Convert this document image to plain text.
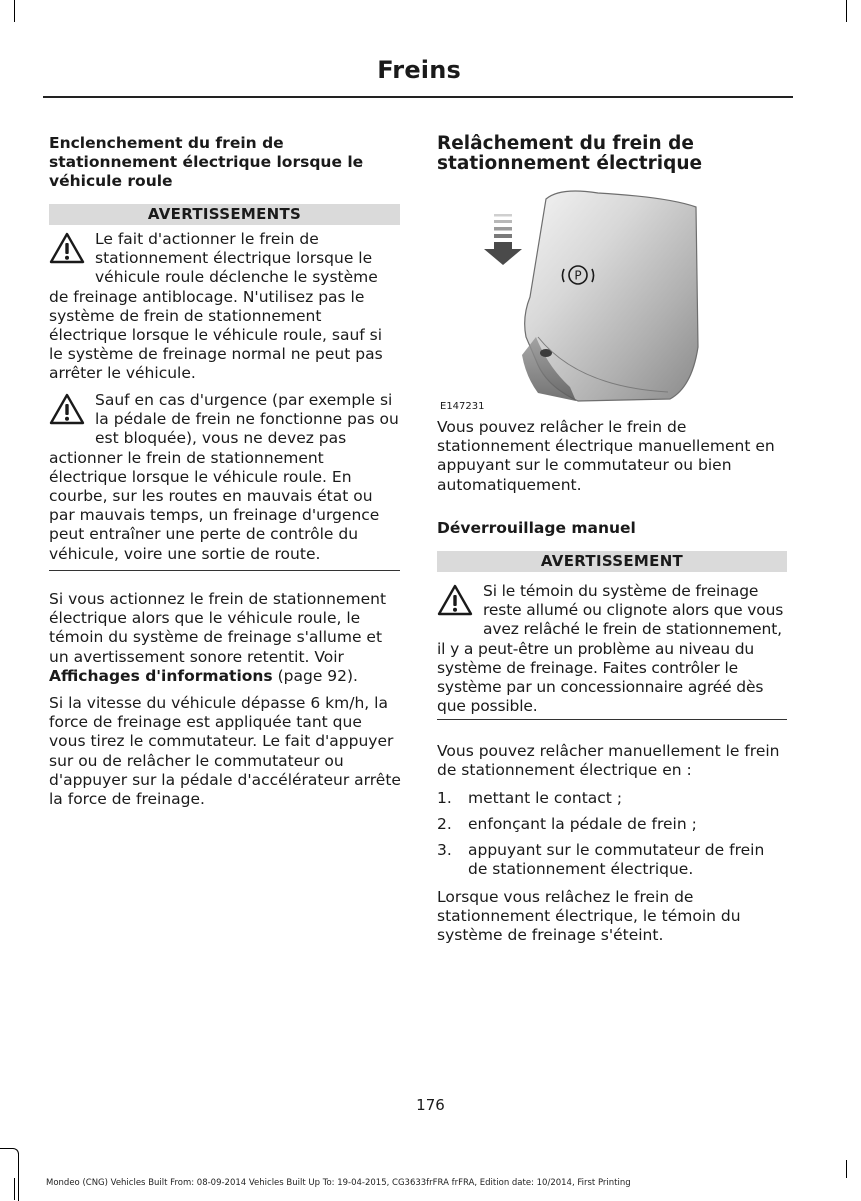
Freins
Enclenchement du frein de stationnement électrique lorsque le véhicule roule
AVERTISSEMENTS
Le fait d'actionner le frein de stationnement électrique lorsque le véhicule roule déclenche le système de freinage antiblocage. N'utilisez pas le système de frein de stationnement électrique lorsque le véhicule roule, sauf si le système de freinage normal ne peut pas arrêter le véhicule.
Sauf en cas d'urgence (par exemple si la pédale de frein ne fonctionne pas ou est bloquée), vous ne devez pas actionner le frein de stationnement électrique lorsque le véhicule roule. En courbe, sur les routes en mauvais état ou par mauvais temps, un freinage d'urgence peut entraîner une perte de contrôle du véhicule, voire une sortie de route.
Si vous actionnez le frein de stationnement électrique alors que le véhicule roule, le témoin du système de freinage s'allume et un avertissement sonore retentit. Voir Affichages d'informations (page 92).
Si la vitesse du véhicule dépasse 6 km/h, la force de freinage est appliquée tant que vous tirez le commutateur. Le fait d'appuyer sur ou de relâcher le commutateur ou d'appuyer sur la pédale d'accélérateur arrête la force de freinage.
Relâchement du frein de stationnement électrique
P
E147231
Vous pouvez relâcher le frein de stationnement électrique manuellement en appuyant sur le commutateur ou bien automatiquement.
Déverrouillage manuel
AVERTISSEMENT
Si le témoin du système de freinage reste allumé ou clignote alors que vous avez relâché le frein de stationnement, il y a peut-être un problème au niveau du système de freinage. Faites contrôler le système par un concessionnaire agréé dès que possible.
Vous pouvez relâcher manuellement le frein de stationnement électrique en :
1. mettant le contact ;
2. enfonçant la pédale de frein ;
3. appuyant sur le commutateur de frein de stationnement électrique.
Lorsque vous relâchez le frein de stationnement électrique, le témoin du système de freinage s'éteint.
176
Mondeo (CNG) Vehicles Built From: 08-09-2014 Vehicles Built Up To: 19-04-2015, CG3633frFRA frFRA, Edition date: 10/2014, First Printing
